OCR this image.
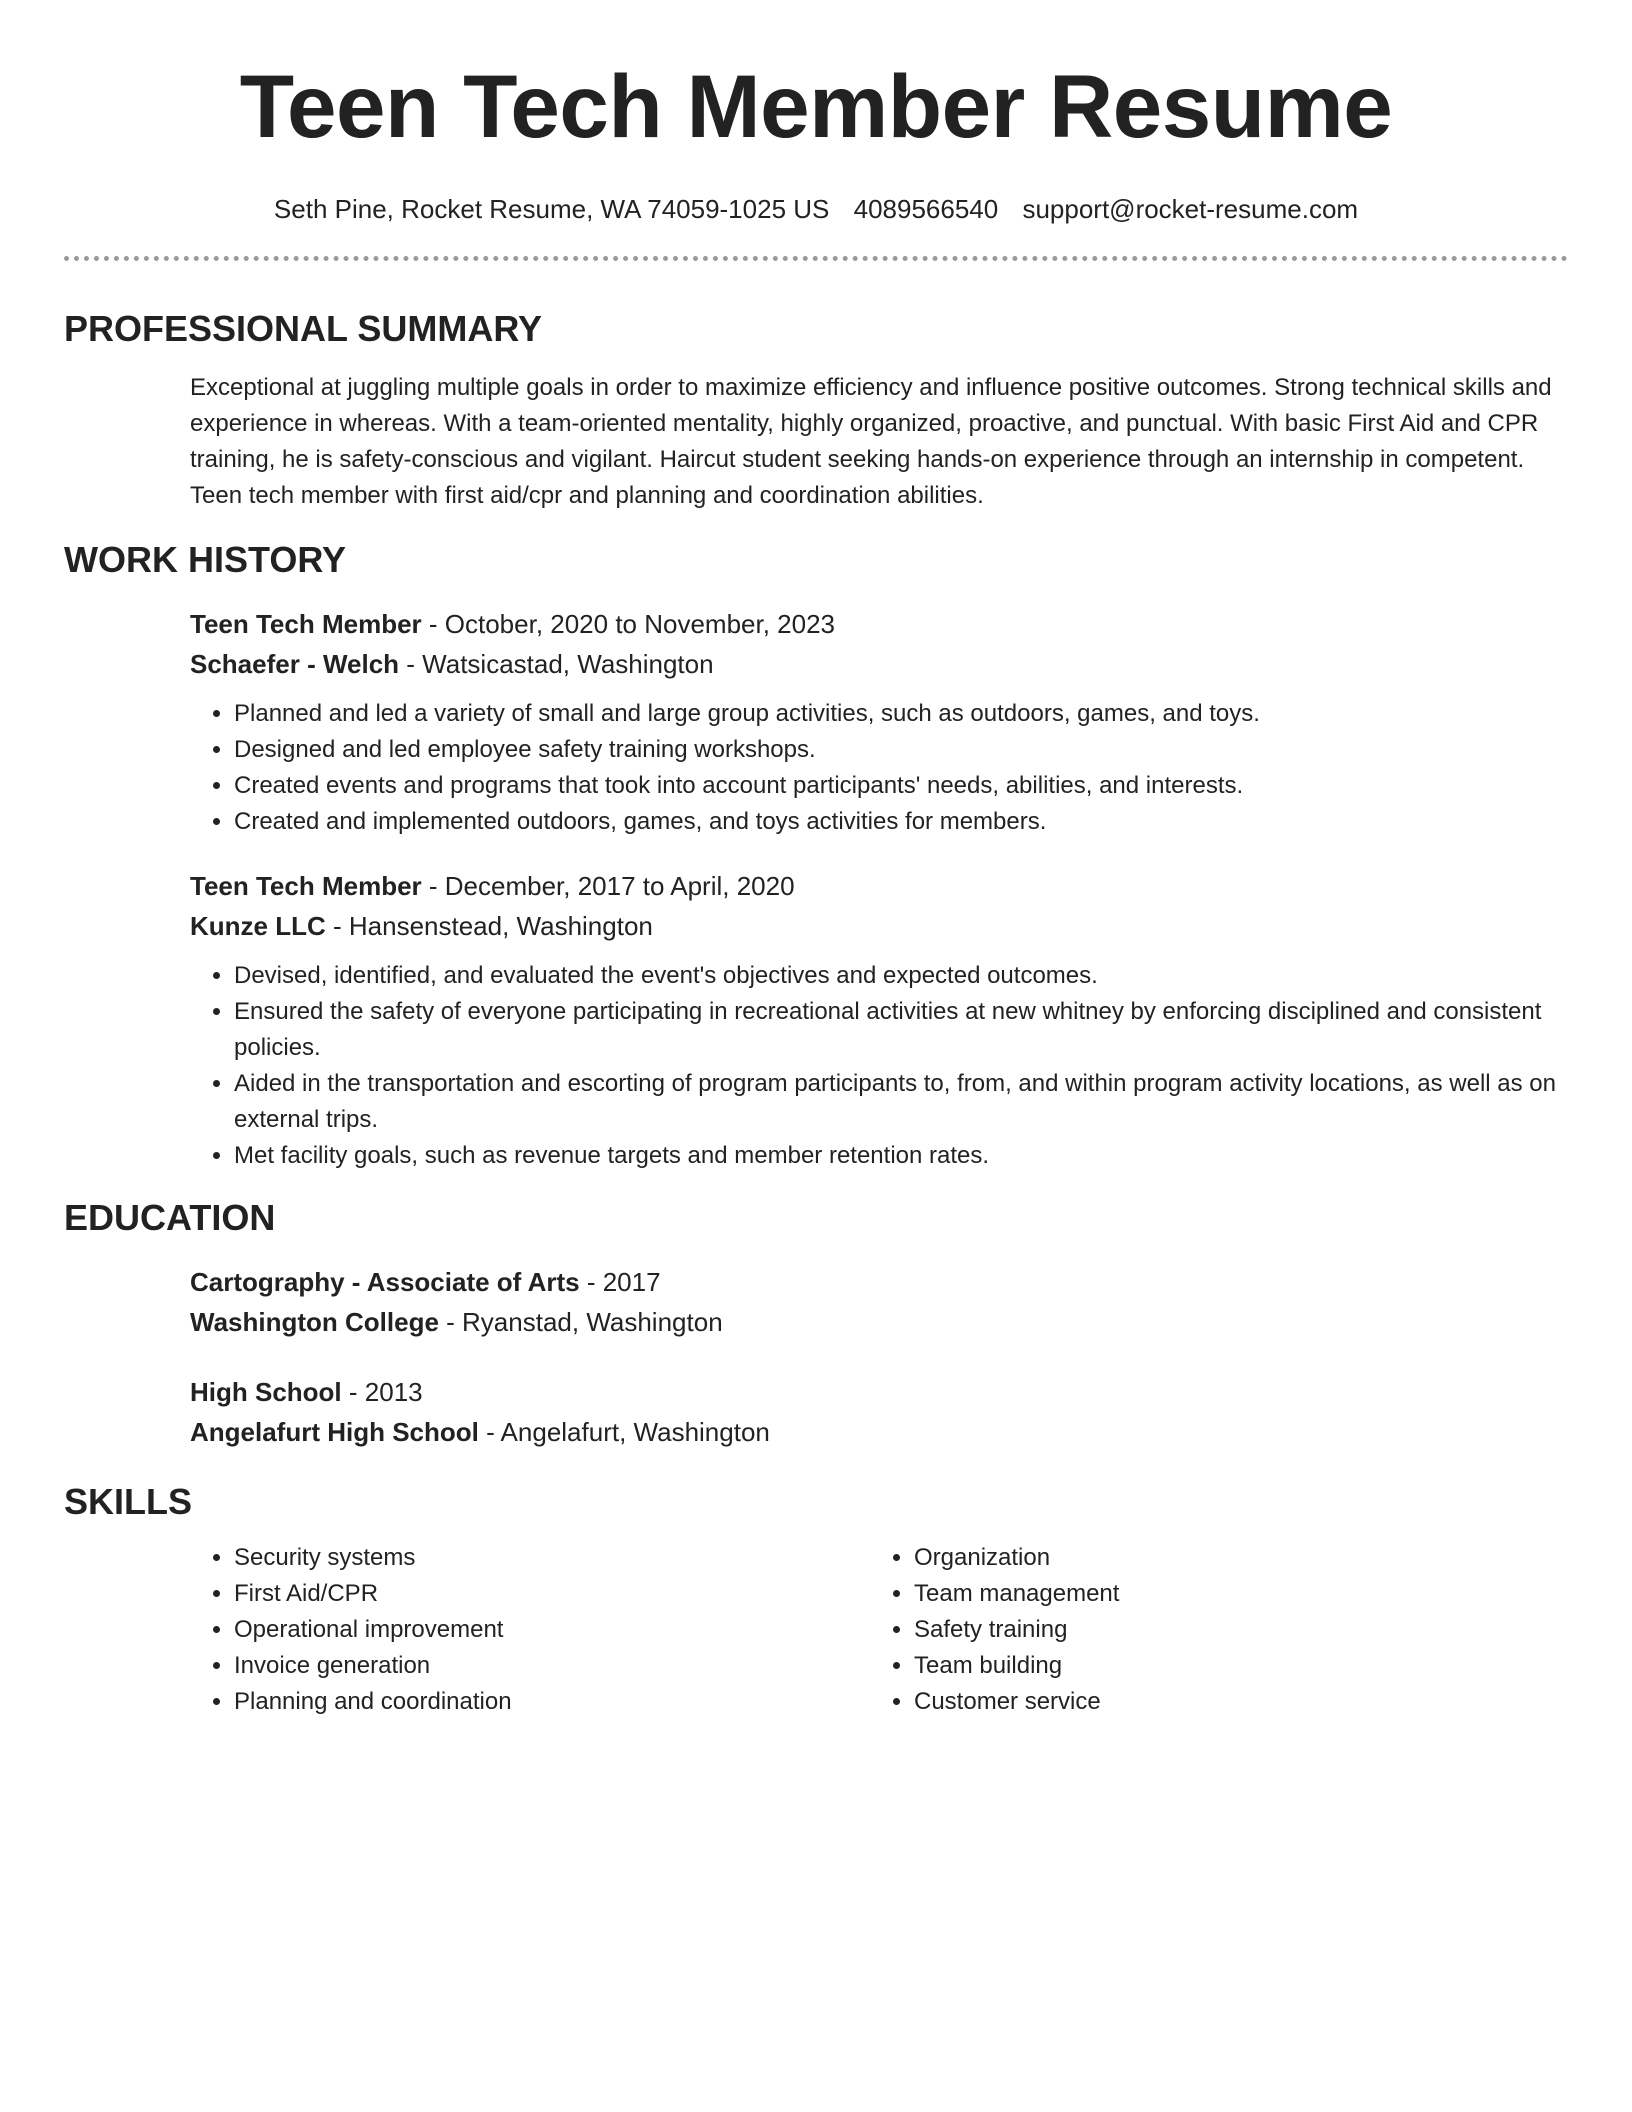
Teen Tech Member Resume
Seth Pine, Rocket Resume, WA 74059-1025 US 4089566540 support@rocket-resume.com
PROFESSIONAL SUMMARY
Exceptional at juggling multiple goals in order to maximize efficiency and influence positive outcomes. Strong technical skills and experience in whereas. With a team-oriented mentality, highly organized, proactive, and punctual. With basic First Aid and CPR training, he is safety-conscious and vigilant. Haircut student seeking hands-on experience through an internship in competent. Teen tech member with first aid/cpr and planning and coordination abilities.
WORK HISTORY
Teen Tech Member - October, 2020 to November, 2023
Schaefer - Welch - Watsicastad, Washington
• Planned and led a variety of small and large group activities, such as outdoors, games, and toys.
• Designed and led employee safety training workshops.
• Created events and programs that took into account participants' needs, abilities, and interests.
• Created and implemented outdoors, games, and toys activities for members.
Teen Tech Member - December, 2017 to April, 2020
Kunze LLC - Hansenstead, Washington
• Devised, identified, and evaluated the event's objectives and expected outcomes.
• Ensured the safety of everyone participating in recreational activities at new whitney by enforcing disciplined and consistent policies.
• Aided in the transportation and escorting of program participants to, from, and within program activity locations, as well as on external trips.
• Met facility goals, such as revenue targets and member retention rates.
EDUCATION
Cartography - Associate of Arts - 2017
Washington College - Ryanstad, Washington
High School - 2013
Angelafurt High School - Angelafurt, Washington
SKILLS
• Security systems
• First Aid/CPR
• Operational improvement
• Invoice generation
• Planning and coordination
• Organization
• Team management
• Safety training
• Team building
• Customer service
